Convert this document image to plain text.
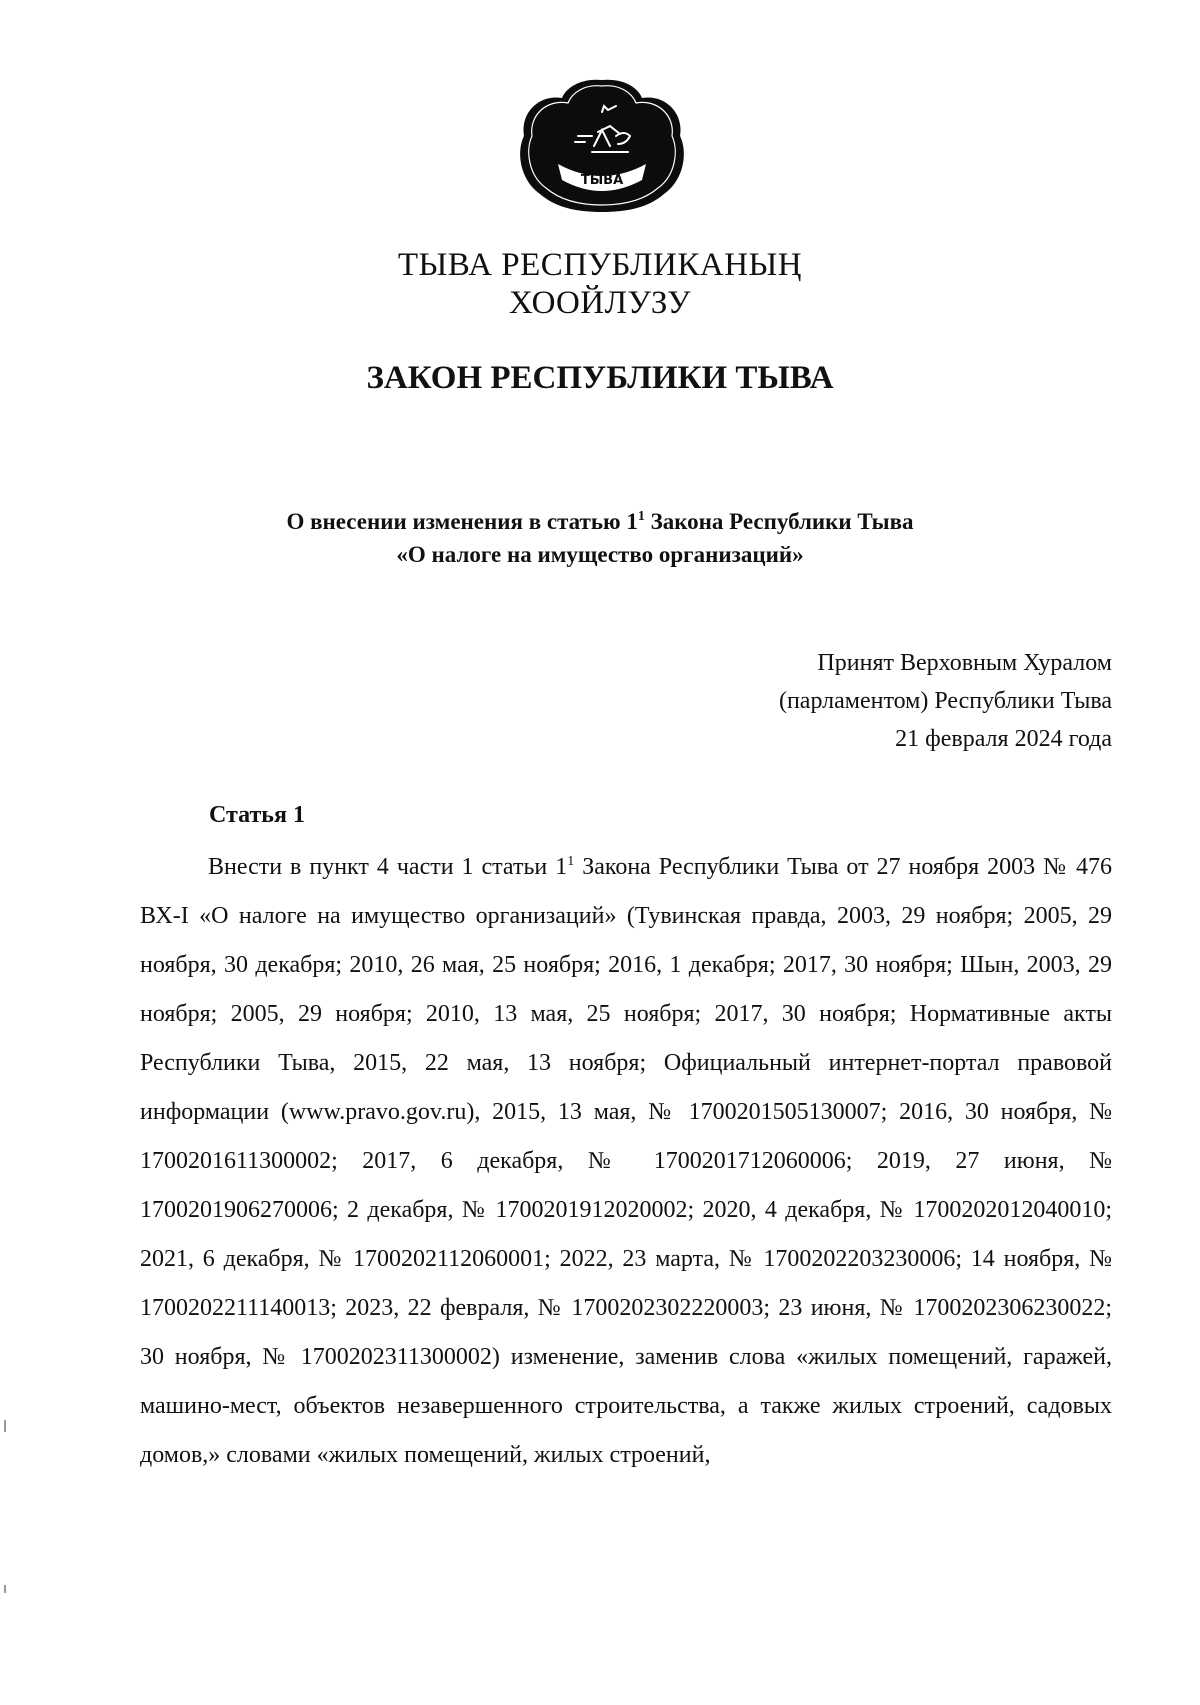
ТЫВА
ТЫВА РЕСПУБЛИКАНЫҢ
ХООЙЛУЗУ
ЗАКОН РЕСПУБЛИКИ ТЫВА
О внесении изменения в статью $1^1$ Закона Республики Тыва
«О налоге на имущество организаций»
Принят Верховным Хуралом
(парламентом) Республики Тыва
21 февраля 2024 года
Статья 1
Внести в пункт 4 части 1 статьи $1^1$ Закона Республики Тыва от 27 ноября 2003 № 476 ВХ-I «О налоге на имущество организаций» (Тувинская правда, 2003, 29 ноября; 2005, 29 ноября, 30 декабря; 2010, 26 мая, 25 ноября; 2016, 1 декабря; 2017, 30 ноября; Шын, 2003, 29 ноября; 2005, 29 ноября; 2010, 13 мая, 25 ноября; 2017, 30 ноября; Нормативные акты Республики Тыва, 2015, 22 мая, 13 ноября; Официальный интернет-портал правовой информации (www.pravo.gov.ru), 2015, 13 мая, № 1700201505130007; 2016, 30 ноября, № 1700201611300002; 2017, 6 декабря, № 1700201712060006; 2019, 27 июня, № 1700201906270006; 2 декабря, № 1700201912020002; 2020, 4 декабря, № 1700202012040010; 2021, 6 декабря, № 1700202112060001; 2022, 23 марта, № 1700202203230006; 14 ноября, № 1700202211140013; 2023, 22 февраля, № 1700202302220003; 23 июня, № 1700202306230022; 30 ноября, № 1700202311300002) изменение, заменив слова «жилых помещений, гаражей, машино-мест, объектов незавершенного строительства, а также жилых строений, садовых домов,» словами «жилых помещений, жилых строений,
